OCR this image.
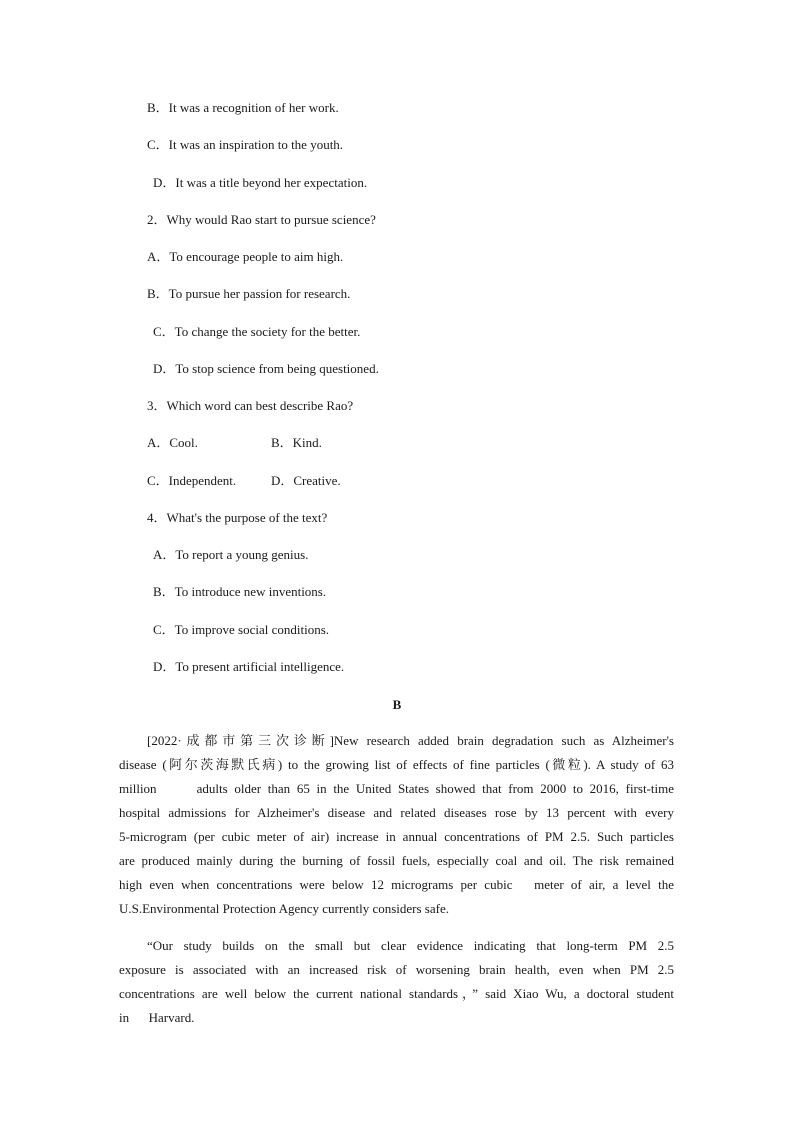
B．It was a recognition of her work.
C．It was an inspiration to the youth.
D．It was a title beyond her expectation.
2．Why would Rao start to pursue science?
A．To encourage people to aim high.
B．To pursue her passion for research.
C．To change the society for the better.
D．To stop science from being questioned.
3．Which word can best describe Rao?
A．Cool.	B．Kind.
C．Independent.	D．Creative.
4．What's the purpose of the text?
A．To report a young genius.
B．To introduce new inventions.
C．To improve social conditions.
D．To present artificial intelligence.
B
[2022·成都市第三次诊断]New research added brain degradation such as Alzheimer's
disease (阿尔茨海默氏病) to the growing list of effects of fine particles (微粒). A study of 63
million      adults older than 65 in the United States showed that from 2000 to 2016, first-time
hospital admissions for Alzheimer's disease and related diseases rose by 13 percent with every
5-microgram (per cubic meter of air) increase in annual concentrations of PM 2.5. Such particles
are produced mainly during the burning of fossil fuels, especially coal and oil. The risk remained
high even when concentrations were below 12 micrograms per cubic   meter of air, a level the
U.S.Environmental Protection Agency currently considers safe.
“Our study builds on the small but clear evidence indicating that long-term PM 2.5
exposure is associated with an increased risk of worsening brain health, even when PM 2.5
concentrations are well below the current national standards，” said Xiao Wu, a doctoral student
in      Harvard.
